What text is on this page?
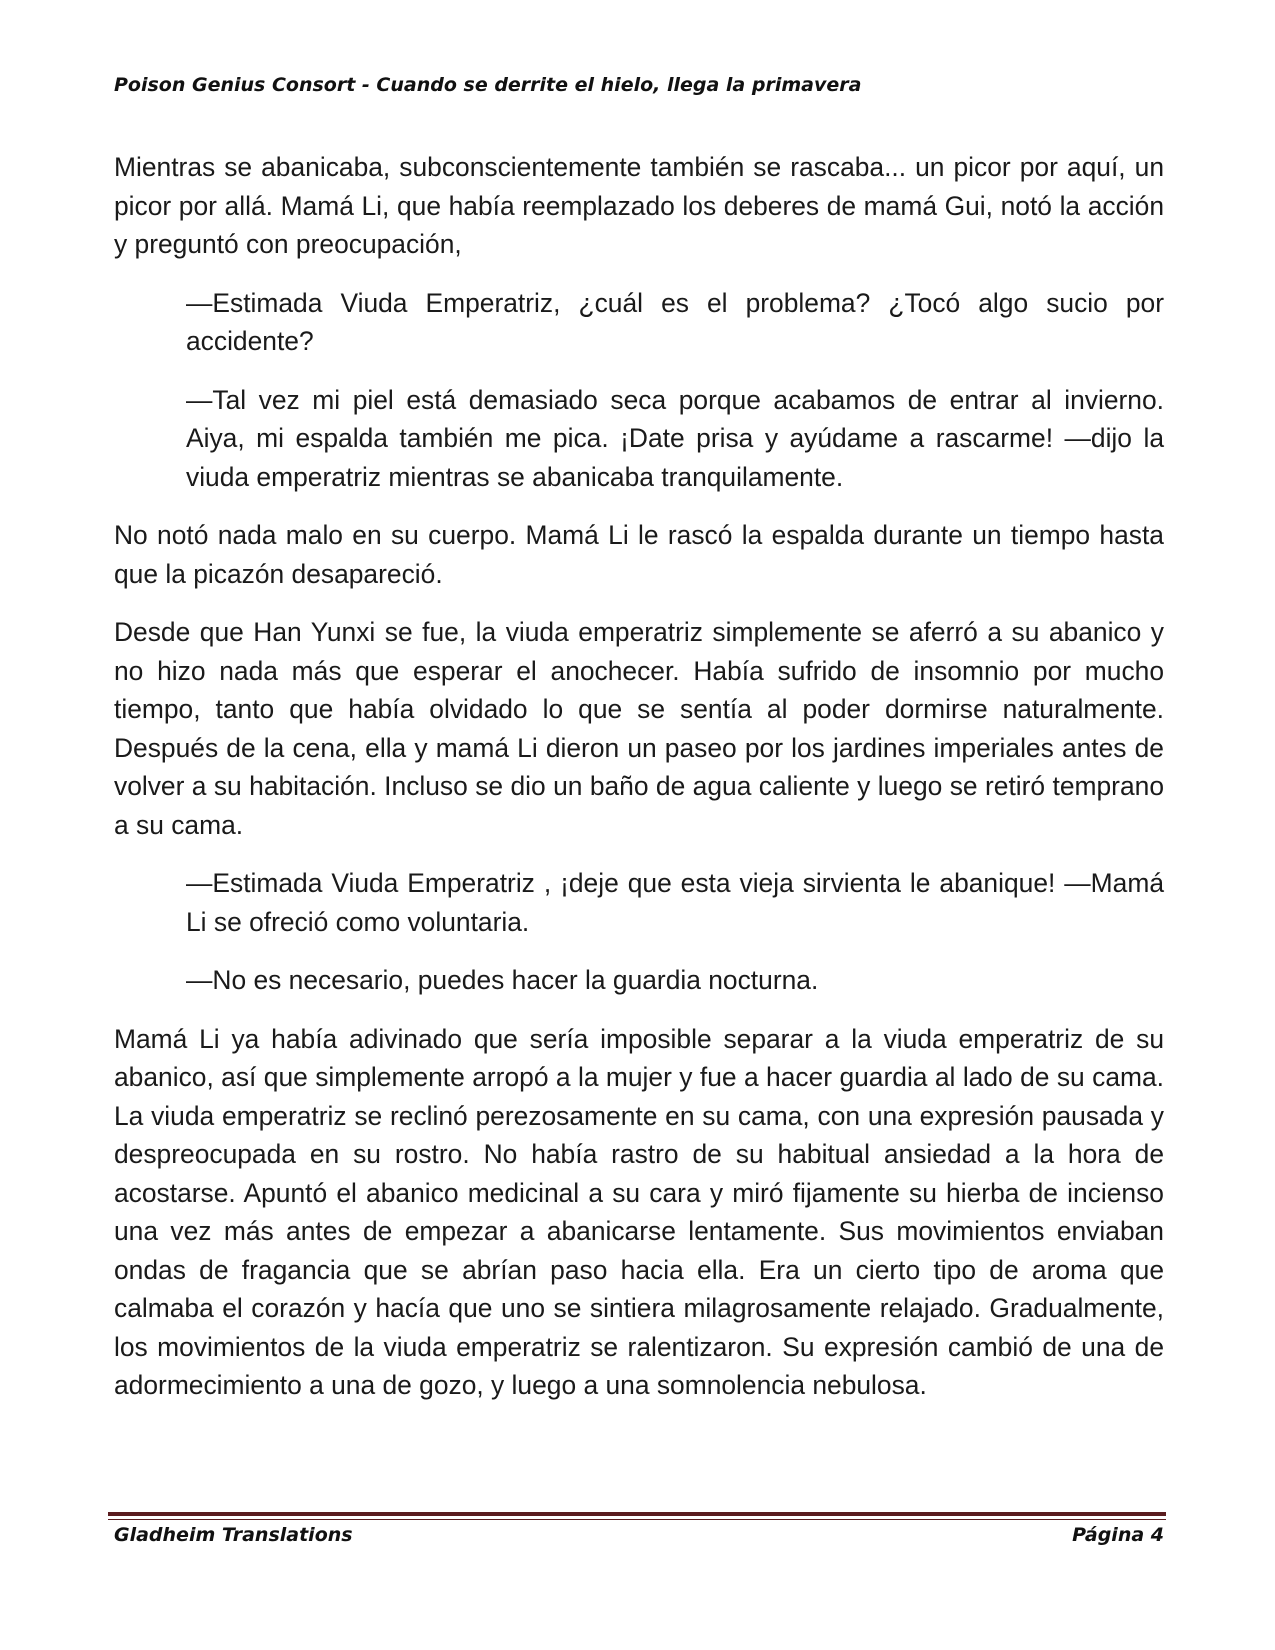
Poison Genius Consort - Cuando se derrite el hielo, llega la primavera

Mientras se abanicaba, subconscientemente también se rascaba... un picor por aquí, un picor por allá. Mamá Li, que había reemplazado los deberes de mamá Gui, notó la acción y preguntó con preocupación,

—Estimada Viuda Emperatriz, ¿cuál es el problema? ¿Tocó algo sucio por accidente?

—Tal vez mi piel está demasiado seca porque acabamos de entrar al invierno. Aiya, mi espalda también me pica. ¡Date prisa y ayúdame a rascarme! —dijo la viuda emperatriz mientras se abanicaba tranquilamente.

No notó nada malo en su cuerpo. Mamá Li le rascó la espalda durante un tiempo hasta que la picazón desapareció.

Desde que Han Yunxi se fue, la viuda emperatriz simplemente se aferró a su abanico y no hizo nada más que esperar el anochecer. Había sufrido de insomnio por mucho tiempo, tanto que había olvidado lo que se sentía al poder dormirse naturalmente. Después de la cena, ella y mamá Li dieron un paseo por los jardines imperiales antes de volver a su habitación. Incluso se dio un baño de agua caliente y luego se retiró temprano a su cama.

—Estimada Viuda Emperatriz , ¡deje que esta vieja sirvienta le abanique! —Mamá Li se ofreció como voluntaria.

—No es necesario, puedes hacer la guardia nocturna.

Mamá Li ya había adivinado que sería imposible separar a la viuda emperatriz de su abanico, así que simplemente arropó a la mujer y fue a hacer guardia al lado de su cama. La viuda emperatriz se reclinó perezosamente en su cama, con una expresión pausada y despreocupada en su rostro. No había rastro de su habitual ansiedad a la hora de acostarse. Apuntó el abanico medicinal a su cara y miró fijamente su hierba de incienso una vez más antes de empezar a abanicarse lentamente. Sus movimientos enviaban ondas de fragancia que se abrían paso hacia ella. Era un cierto tipo de aroma que calmaba el corazón y hacía que uno se sintiera milagrosamente relajado. Gradualmente, los movimientos de la viuda emperatriz se ralentizaron. Su expresión cambió de una de adormecimiento a una de gozo, y luego a una somnolencia nebulosa.

Gladheim Translations	Página 4
